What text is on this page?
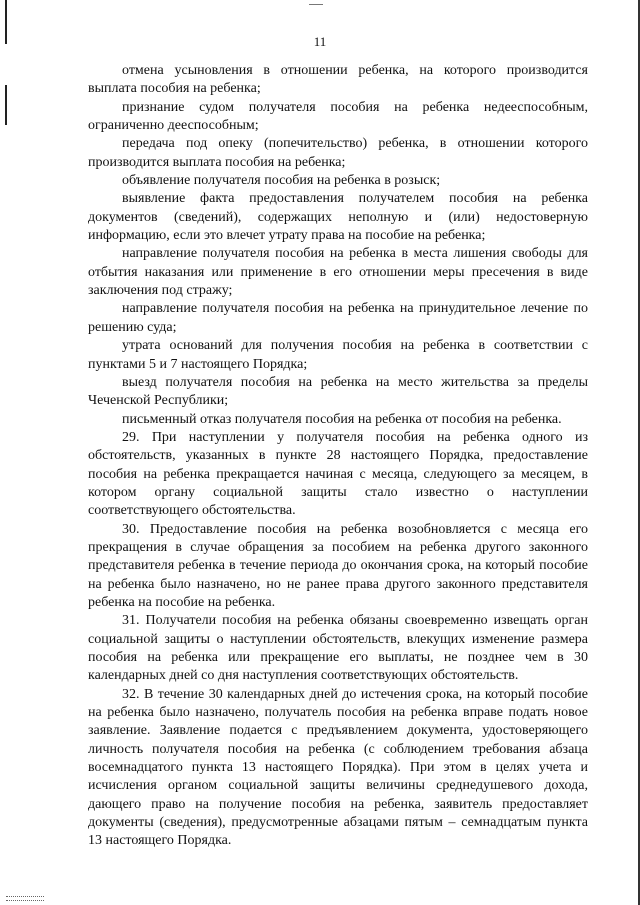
11

отмена усыновления в отношении ребенка, на которого производится выплата пособия на ребенка;

признание судом получателя пособия на ребенка недееспособным, ограниченно дееспособным;

передача под опеку (попечительство) ребенка, в отношении которого производится выплата пособия на ребенка;

объявление получателя пособия на ребенка в розыск;

выявление факта предоставления получателем пособия на ребенка документов (сведений), содержащих неполную и (или) недостоверную информацию, если это влечет утрату права на пособие на ребенка;

направление получателя пособия на ребенка в места лишения свободы для отбытия наказания или применение в его отношении меры пресечения в виде заключения под стражу;

направление получателя пособия на ребенка на принудительное лечение по решению суда;

утрата оснований для получения пособия на ребенка в соответствии с пунктами 5 и 7 настоящего Порядка;

выезд получателя пособия на ребенка на место жительства за пределы Чеченской Республики;

письменный отказ получателя пособия на ребенка от пособия на ребенка.

29. При наступлении у получателя пособия на ребенка одного из обстоятельств, указанных в пункте 28 настоящего Порядка, предоставление пособия на ребенка прекращается начиная с месяца, следующего за месяцем, в котором органу социальной защиты стало известно о наступлении соответствующего обстоятельства.

30. Предоставление пособия на ребенка возобновляется с месяца его прекращения в случае обращения за пособием на ребенка другого законного представителя ребенка в течение периода до окончания срока, на который пособие на ребенка было назначено, но не ранее права другого законного представителя ребенка на пособие на ребенка.

31. Получатели пособия на ребенка обязаны своевременно извещать орган социальной защиты о наступлении обстоятельств, влекущих изменение размера пособия на ребенка или прекращение его выплаты, не позднее чем в 30 календарных дней со дня наступления соответствующих обстоятельств.

32. В течение 30 календарных дней до истечения срока, на который пособие на ребенка было назначено, получатель пособия на ребенка вправе подать новое заявление. Заявление подается с предъявлением документа, удостоверяющего личность получателя пособия на ребенка (с соблюдением требования абзаца восемнадцатого пункта 13 настоящего Порядка). При этом в целях учета и исчисления органом социальной защиты величины среднедушевого дохода, дающего право на получение пособия на ребенка, заявитель предоставляет документы (сведения), предусмотренные абзацами пятым – семнадцатым пункта 13 настоящего Порядка.
